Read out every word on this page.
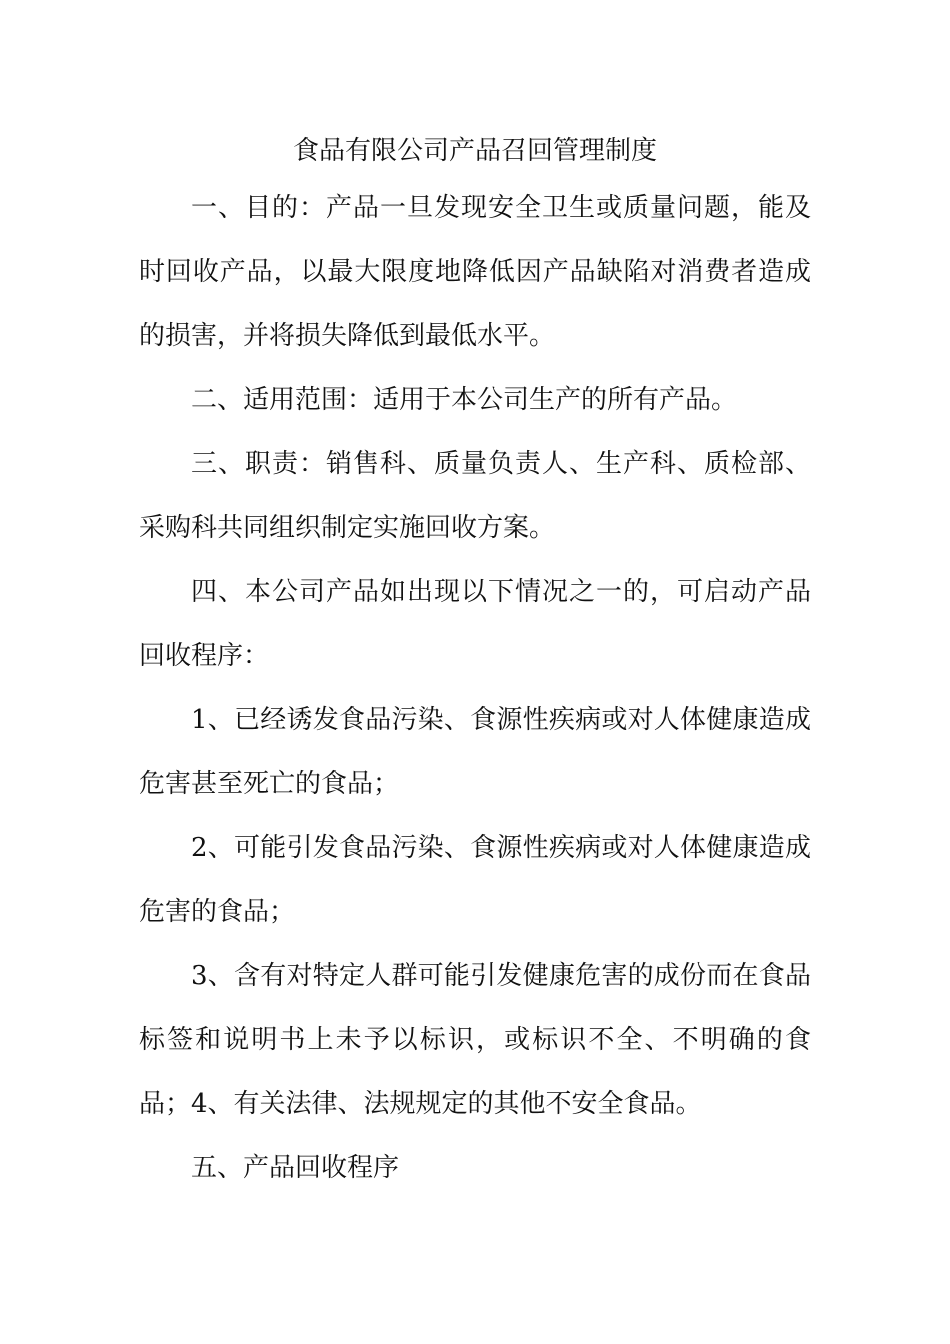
食品有限公司产品召回管理制度
一、目的：产品一旦发现安全卫生或质量问题，能及时回收产品，以最大限度地降低因产品缺陷对消费者造成的损害，并将损失降低到最低水平。
二、适用范围：适用于本公司生产的所有产品。
三、职责：销售科、质量负责人、生产科、质检部、采购科共同组织制定实施回收方案。
四、本公司产品如出现以下情况之一的，可启动产品回收程序：
1、已经诱发食品污染、食源性疾病或对人体健康造成危害甚至死亡的食品；
2、可能引发食品污染、食源性疾病或对人体健康造成危害的食品；
3、含有对特定人群可能引发健康危害的成份而在食品标签和说明书上未予以标识，或标识不全、不明确的食品； 4、有关法律、法规规定的其他不安全食品。
五、产品回收程序
